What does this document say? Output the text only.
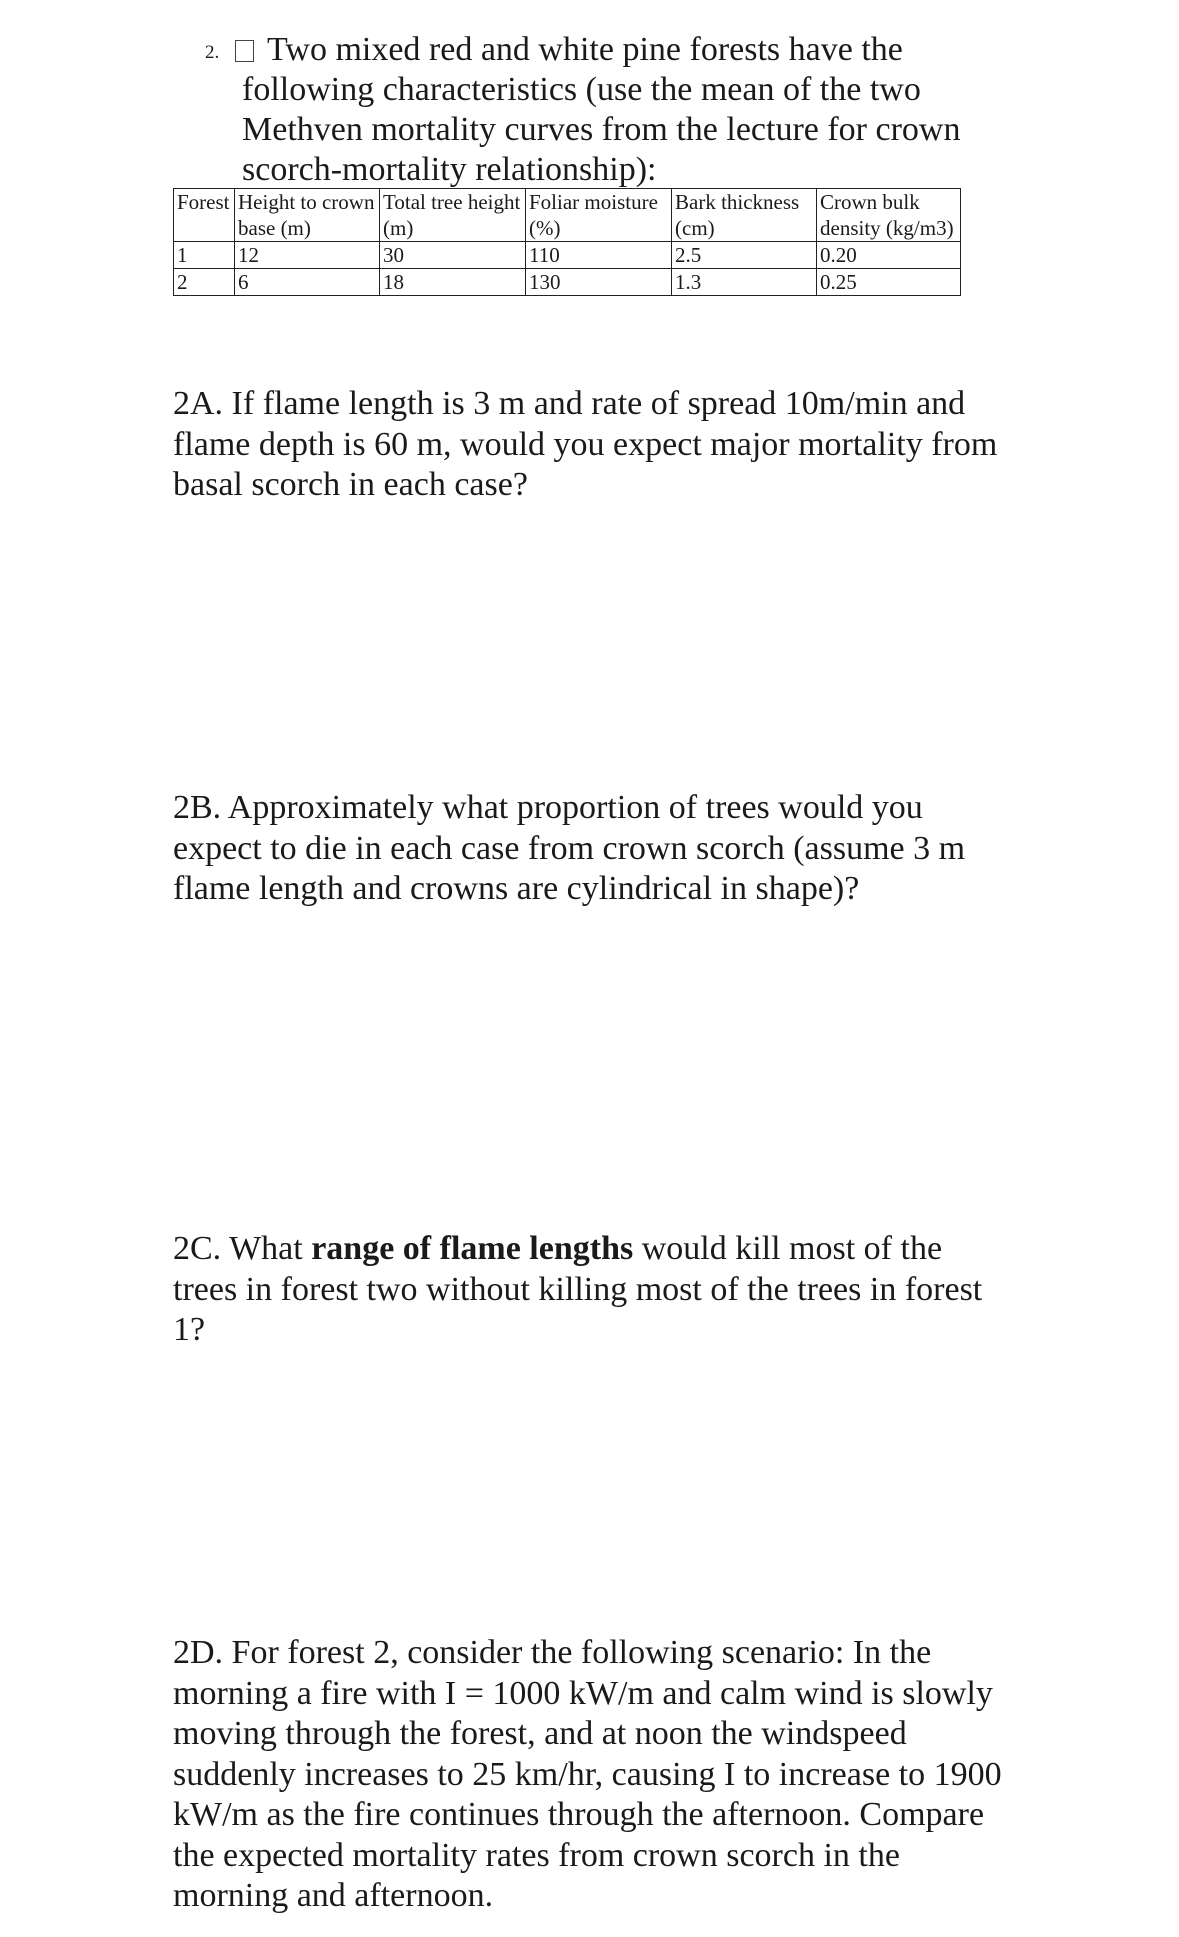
2.	Two mixed red and white pine forests have the following characteristics (use the mean of the two Methven mortality curves from the lecture for crown scorch-mortality relationship):
Forest	Height to crown base (m)	Total tree height (m)	Foliar moisture (%)	Bark thickness (cm)	Crown bulk density (kg/m3)
1	12	30	110	2.5	0.20
2	6	18	130	1.3	0.25
2A. If flame length is 3 m and rate of spread 10m/min and flame depth is 60 m, would you expect major mortality from basal scorch in each case?
2B. Approximately what proportion of trees would you expect to die in each case from crown scorch (assume 3 m flame length and crowns are cylindrical in shape)?
2C. What range of flame lengths would kill most of the trees in forest two without killing most of the trees in forest 1?
2D. For forest 2, consider the following scenario: In the morning a fire with I = 1000 kW/m and calm wind is slowly moving through the forest, and at noon the windspeed suddenly increases to 25 km/hr, causing I to increase to 1900 kW/m as the fire continues through the afternoon. Compare the expected mortality rates from crown scorch in the morning and afternoon.
